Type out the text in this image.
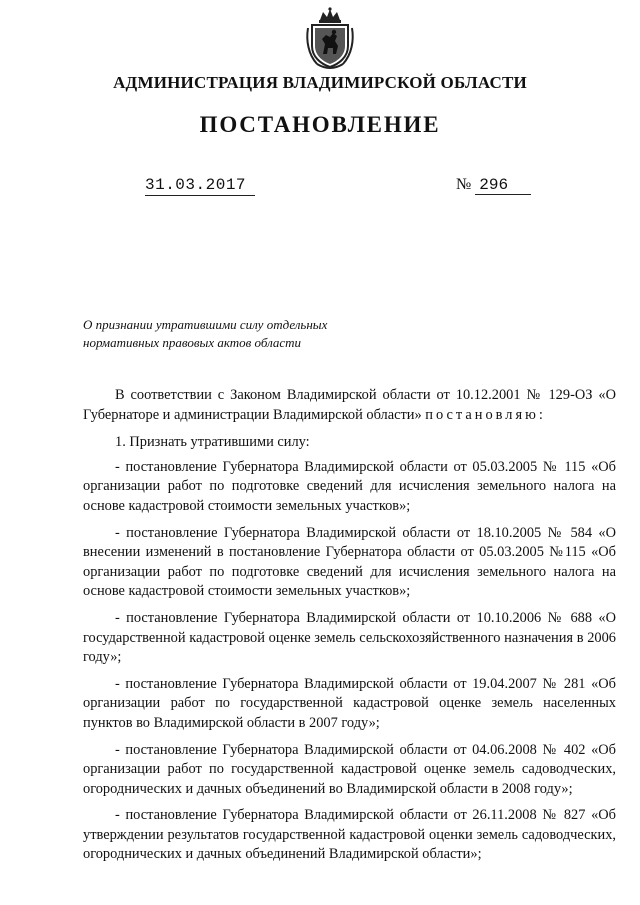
АДМИНИСТРАЦИЯ ВЛАДИМИРСКОЙ ОБЛАСТИ
ПОСТАНОВЛЕНИЕ
31.03.2017	№ 296
О признании утратившими силу отдельных
нормативных правовых актов области

В соответствии с Законом Владимирской области от 10.12.2001 № 129-ОЗ «О Губернаторе и администрации Владимирской области» постановляю:

1. Признать утратившими силу:

- постановление Губернатора Владимирской области от 05.03.2005 № 115 «Об организации работ по подготовке сведений для исчисления земельного налога на основе кадастровой стоимости земельных участков»;

- постановление Губернатора Владимирской области от 18.10.2005 № 584 «О внесении изменений в постановление Губернатора области от 05.03.2005 №115 «Об организации работ по подготовке сведений для исчисления земельного налога на основе кадастровой стоимости земельных участков»;

- постановление Губернатора Владимирской области от 10.10.2006 № 688 «О государственной кадастровой оценке земель сельскохозяйственного назначения в 2006 году»;

- постановление Губернатора Владимирской области от 19.04.2007 № 281 «Об организации работ по государственной кадастровой оценке земель населенных пунктов во Владимирской области в 2007 году»;

- постановление Губернатора Владимирской области от 04.06.2008 № 402 «Об организации работ по государственной кадастровой оценке земель садоводческих, огороднических и дачных объединений во Владимирской области в 2008 году»;

- постановление Губернатора Владимирской области от 26.11.2008 № 827 «Об утверждении результатов государственной кадастровой оценки земель садоводческих, огороднических и дачных объединений Владимирской области»;
